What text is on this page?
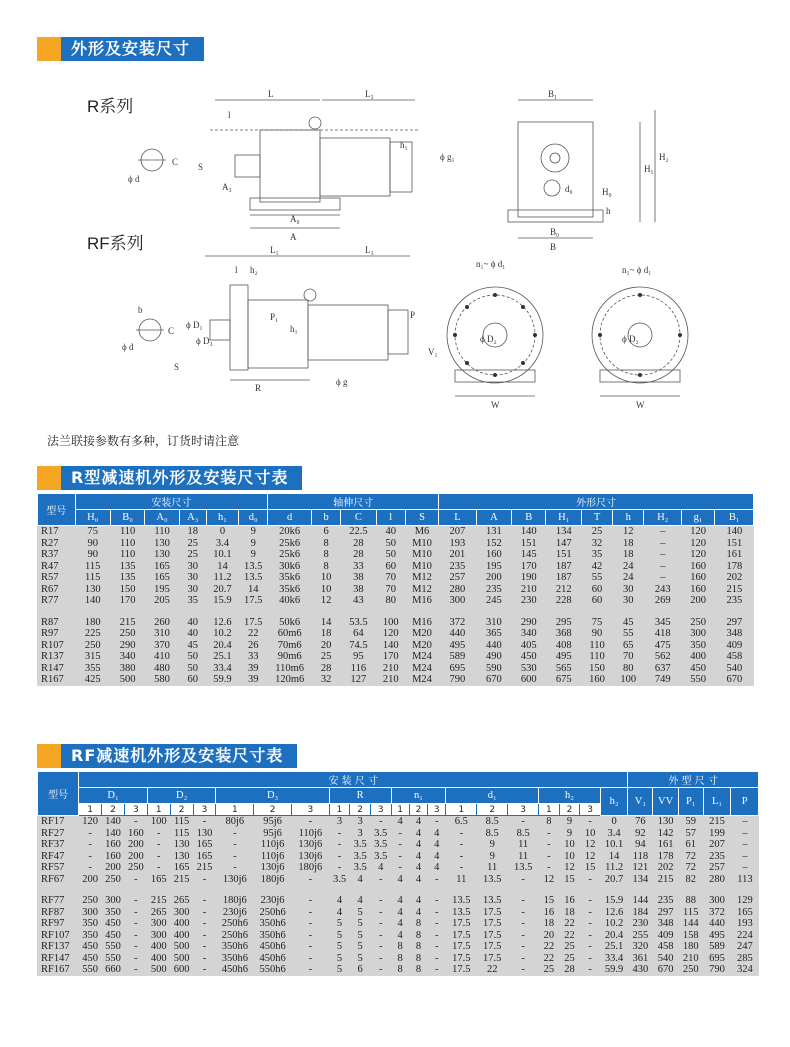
外形及安装尺寸
R系列
RF系列
L	L₃
l
B₁
A
A₀
A₃
ϕ d
C S
h₁
H₀
H₁
H₂
h
d₀
B₀
B
ϕ g₁
L₁	L₃
l h₂
P₁	P
ϕ D₁
ϕ D₃
b
C
ϕ d
S
R
h₁
ϕ g
n₁~ ϕ d₁
n₁~ ϕ d₁
ϕ D₂	ϕ D₂
W	W
V₁
法兰联接参数有多种，订货时请注意
R型减速机外形及安装尺寸表
型号	安装尺寸						轴伸尺寸					外形尺寸								
	H₀	B₀	A₀	A₃	h₁	d₀	d	b	C	l	S	L	A	B	H₁	T	h	H₂	g₁	B₁
R17	75	110	110	18	0	9	20k6	6	22.5	40	M6	207	131	140	134	25	12	–	120	140
R27	90	110	130	25	3.4	9	25k6	8	28	50	M10	193	152	151	147	32	18	–	120	151
R37	90	110	130	25	10.1	9	25k6	8	28	50	M10	201	160	145	151	35	18	–	120	161
R47	115	135	165	30	14	13.5	30k6	8	33	60	M10	235	195	170	187	42	24	–	160	178
R57	115	135	165	30	11.2	13.5	35k6	10	38	70	M12	257	200	190	187	55	24	–	160	202
R67	130	150	195	30	20.7	14	35k6	10	38	70	M12	280	235	210	212	60	30	243	160	215
R77	140	170	205	35	15.9	17.5	40k6	12	43	80	M16	300	245	230	228	60	30	269	200	235

R87	180	215	260	40	12.6	17.5	50k6	14	53.5	100	M16	372	310	290	295	75	45	345	250	297
R97	225	250	310	40	10.2	22	60m6	18	64	120	M20	440	365	340	368	90	55	418	300	348
R107	250	290	370	45	20.4	26	70m6	20	74.5	140	M20	495	440	405	408	110	65	475	350	409
R137	315	340	410	50	25.1	33	90m6	25	95	170	M24	589	490	450	495	110	70	562	400	458
R147	355	380	480	50	33.4	39	110m6	28	116	210	M24	695	590	530	565	150	80	637	450	540
R167	425	500	580	60	59.9	39	120m6	32	127	210	M24	790	670	600	675	160	100	749	550	670
RF减速机外形及安装尺寸表
型号	安 装 尺 寸																						外 型 尺 寸				
	D₁			D₂			D₃			R			n₁			d₁			h₂			h₂	V₁	VV	P₁	L₁	P
	1	2	3	1	2	3	1	2	3	1	2	3	1	2	3	1	2	3	1	2	3						
RF17	120	140	-	100	115	-	80j6	95j6	-	3	3	-	4	4	-	6.5	8.5	-	8	9	-	0	76	130	59	215	–
RF27	-	140	160	-	115	130	-	95j6	110j6	-	3	3.5	-	4	4	-	8.5	8.5	-	9	10	3.4	92	142	57	199	–
RF37	-	160	200	-	130	165	-	110j6	130j6	-	3.5	3.5	-	4	4	-	9	11	-	10	12	10.1	94	161	61	207	–
RF47	-	160	200	-	130	165	-	110j6	130j6	-	3.5	3.5	-	4	4	-	9	11	-	10	12	14	118	178	72	235	–
RF57	-	200	250	-	165	215	-	130j6	180j6	-	3.5	4	-	4	4	-	11	13.5	-	12	15	11.2	121	202	72	257	–
RF67	200	250	-	165	215	-	130j6	180j6	-	3.5	4	-	4	4	-	11	13.5	-	12	15	-	20.7	134	215	82	280	113

RF77	250	300	-	215	265	-	180j6	230j6	-	4	4	-	4	4	-	13.5	13.5	-	15	16	-	15.9	144	235	88	300	129
RF87	300	350	-	265	300	-	230j6	250h6	-	4	5	-	4	4	-	13.5	17.5	-	16	18	-	12.6	184	297	115	372	165
RF97	350	450	-	300	400	-	250h6	350h6	-	5	5	-	4	8	-	17.5	17.5	-	18	22	-	10.2	230	348	144	440	193
RF107	350	450	-	300	400	-	250h6	350h6	-	5	5	-	4	8	-	17.5	17.5	-	20	22	-	20.4	255	409	158	495	224
RF137	450	550	-	400	500	-	350h6	450h6	-	5	5	-	8	8	-	17.5	17.5	-	22	25	-	25.1	320	458	180	589	247
RF147	450	550	-	400	500	-	350h6	450h6	-	5	5	-	8	8	-	17.5	17.5	-	22	25	-	33.4	361	540	210	695	285
RF167	550	660	-	500	600	-	450h6	550h6	-	5	6	-	8	8	-	17.5	22	-	25	28	-	59.9	430	670	250	790	324
